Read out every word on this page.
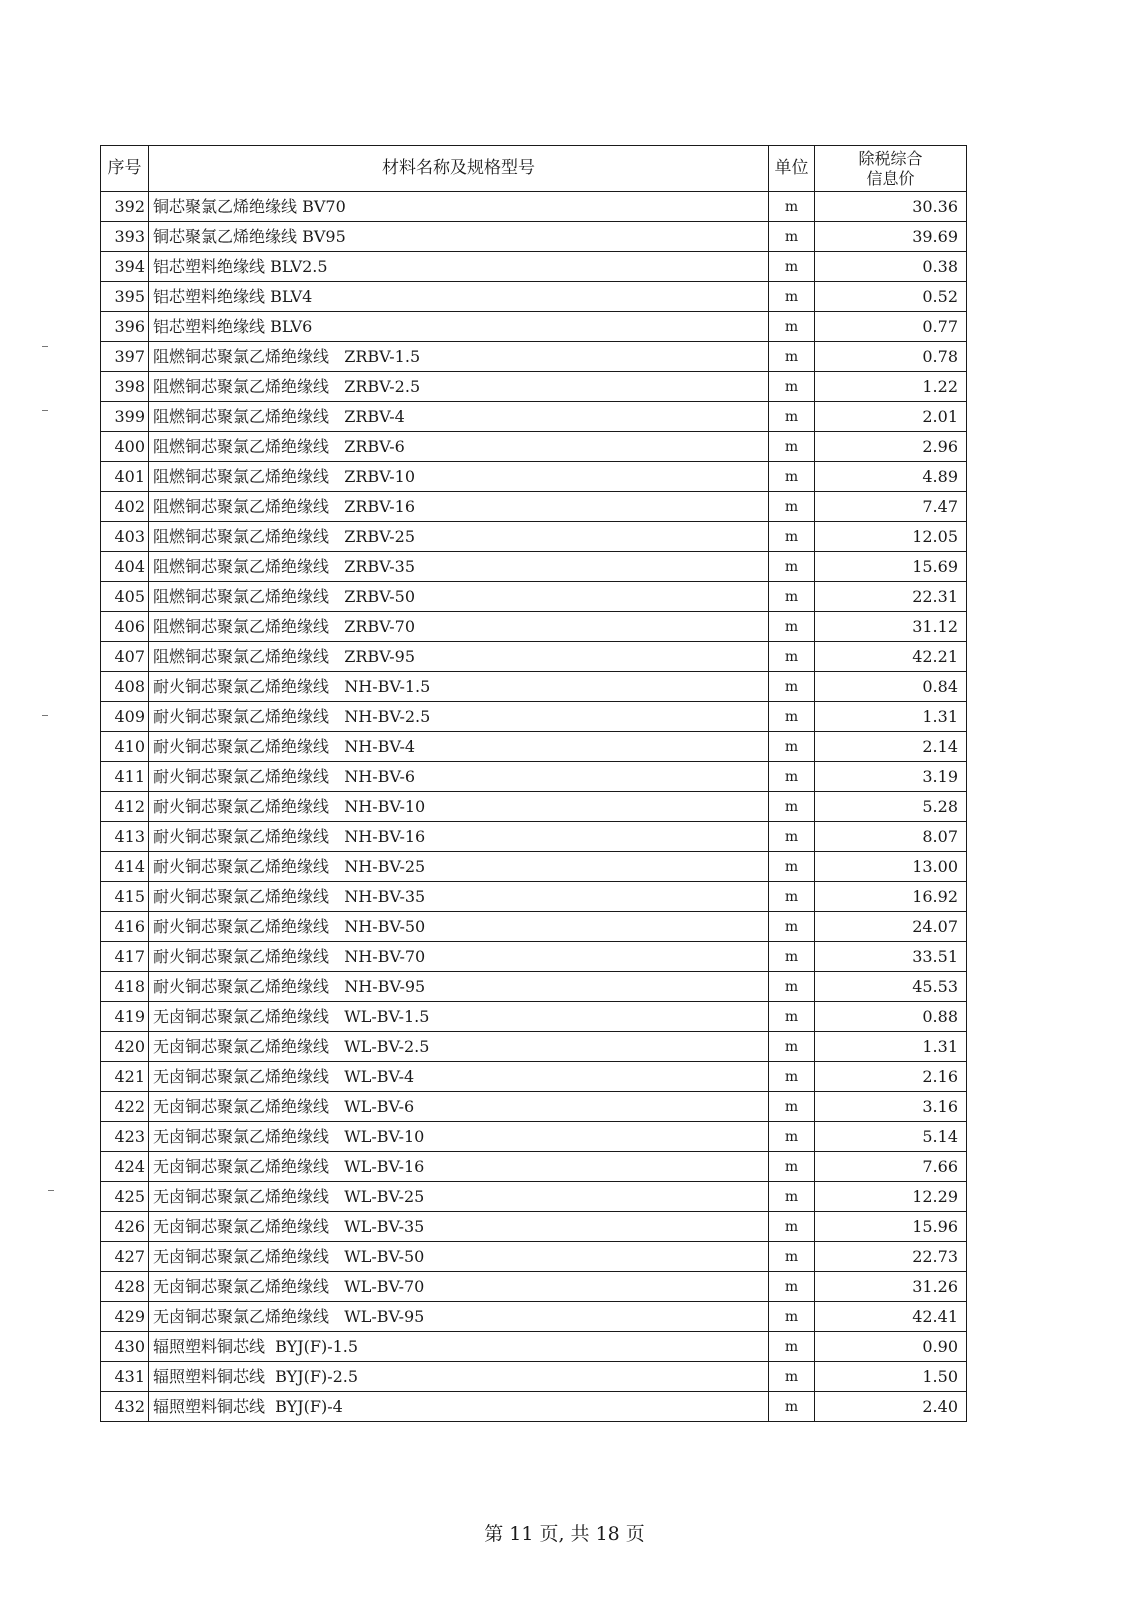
序号	材料名称及规格型号	单位	除税综合
信息价

392	铜芯聚氯乙烯绝缘线 BV70	m	30.36
393	铜芯聚氯乙烯绝缘线 BV95	m	39.69
394	铝芯塑料绝缘线 BLV2.5	m	0.38
395	铝芯塑料绝缘线 BLV4	m	0.52
396	铝芯塑料绝缘线 BLV6	m	0.77
397	阻燃铜芯聚氯乙烯绝缘线   ZRBV-1.5	m	0.78
398	阻燃铜芯聚氯乙烯绝缘线   ZRBV-2.5	m	1.22
399	阻燃铜芯聚氯乙烯绝缘线   ZRBV-4	m	2.01
400	阻燃铜芯聚氯乙烯绝缘线   ZRBV-6	m	2.96
401	阻燃铜芯聚氯乙烯绝缘线   ZRBV-10	m	4.89
402	阻燃铜芯聚氯乙烯绝缘线   ZRBV-16	m	7.47
403	阻燃铜芯聚氯乙烯绝缘线   ZRBV-25	m	12.05
404	阻燃铜芯聚氯乙烯绝缘线   ZRBV-35	m	15.69
405	阻燃铜芯聚氯乙烯绝缘线   ZRBV-50	m	22.31
406	阻燃铜芯聚氯乙烯绝缘线   ZRBV-70	m	31.12
407	阻燃铜芯聚氯乙烯绝缘线   ZRBV-95	m	42.21
408	耐火铜芯聚氯乙烯绝缘线   NH-BV-1.5	m	0.84
409	耐火铜芯聚氯乙烯绝缘线   NH-BV-2.5	m	1.31
410	耐火铜芯聚氯乙烯绝缘线   NH-BV-4	m	2.14
411	耐火铜芯聚氯乙烯绝缘线   NH-BV-6	m	3.19
412	耐火铜芯聚氯乙烯绝缘线   NH-BV-10	m	5.28
413	耐火铜芯聚氯乙烯绝缘线   NH-BV-16	m	8.07
414	耐火铜芯聚氯乙烯绝缘线   NH-BV-25	m	13.00
415	耐火铜芯聚氯乙烯绝缘线   NH-BV-35	m	16.92
416	耐火铜芯聚氯乙烯绝缘线   NH-BV-50	m	24.07
417	耐火铜芯聚氯乙烯绝缘线   NH-BV-70	m	33.51
418	耐火铜芯聚氯乙烯绝缘线   NH-BV-95	m	45.53
419	无卤铜芯聚氯乙烯绝缘线   WL-BV-1.5	m	0.88
420	无卤铜芯聚氯乙烯绝缘线   WL-BV-2.5	m	1.31
421	无卤铜芯聚氯乙烯绝缘线   WL-BV-4	m	2.16
422	无卤铜芯聚氯乙烯绝缘线   WL-BV-6	m	3.16
423	无卤铜芯聚氯乙烯绝缘线   WL-BV-10	m	5.14
424	无卤铜芯聚氯乙烯绝缘线   WL-BV-16	m	7.66
425	无卤铜芯聚氯乙烯绝缘线   WL-BV-25	m	12.29
426	无卤铜芯聚氯乙烯绝缘线   WL-BV-35	m	15.96
427	无卤铜芯聚氯乙烯绝缘线   WL-BV-50	m	22.73
428	无卤铜芯聚氯乙烯绝缘线   WL-BV-70	m	31.26
429	无卤铜芯聚氯乙烯绝缘线   WL-BV-95	m	42.41
430	辐照塑料铜芯线  BYJ(F)-1.5	m	0.90
431	辐照塑料铜芯线  BYJ(F)-2.5	m	1.50
432	辐照塑料铜芯线  BYJ(F)-4	m	2.40
第 11 页, 共 18 页
